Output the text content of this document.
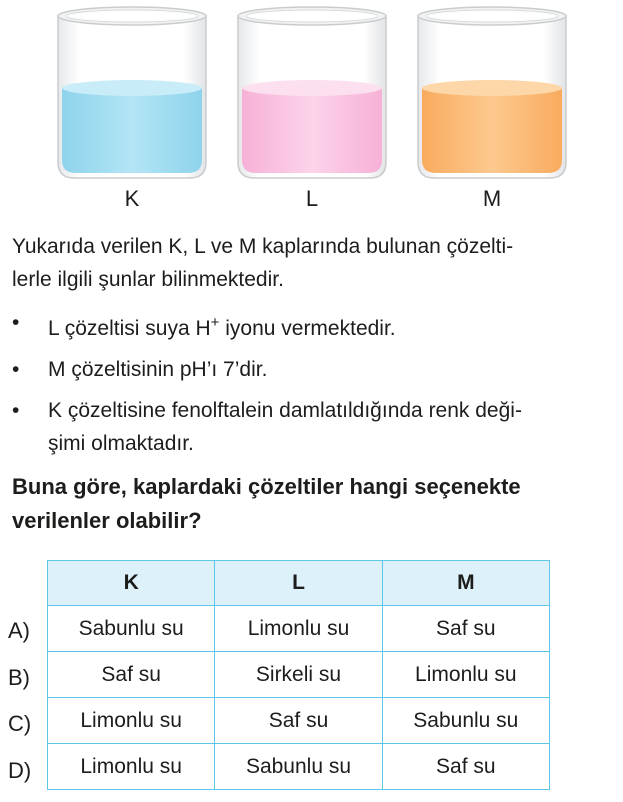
K	L	M
Yukarıda verilen K, L ve M kaplarında bulunan çözelti-
lerle ilgili şunlar bilinmektedir.
• L çözeltisi suya H+ iyonu vermektedir.
• M çözeltisinin pH’ı 7’dir.
• K çözeltisine fenolftalein damlatıldığında renk deği-
şimi olmaktadır.
Buna göre, kaplardaki çözeltiler hangi seçenekte
verilenler olabilir?
A)
B)
C)
D)
K	L	M
Sabunlu su	Limonlu su	Saf su
Saf su	Sirkeli su	Limonlu su
Limonlu su	Saf su	Sabunlu su
Limonlu su	Sabunlu su	Saf su
